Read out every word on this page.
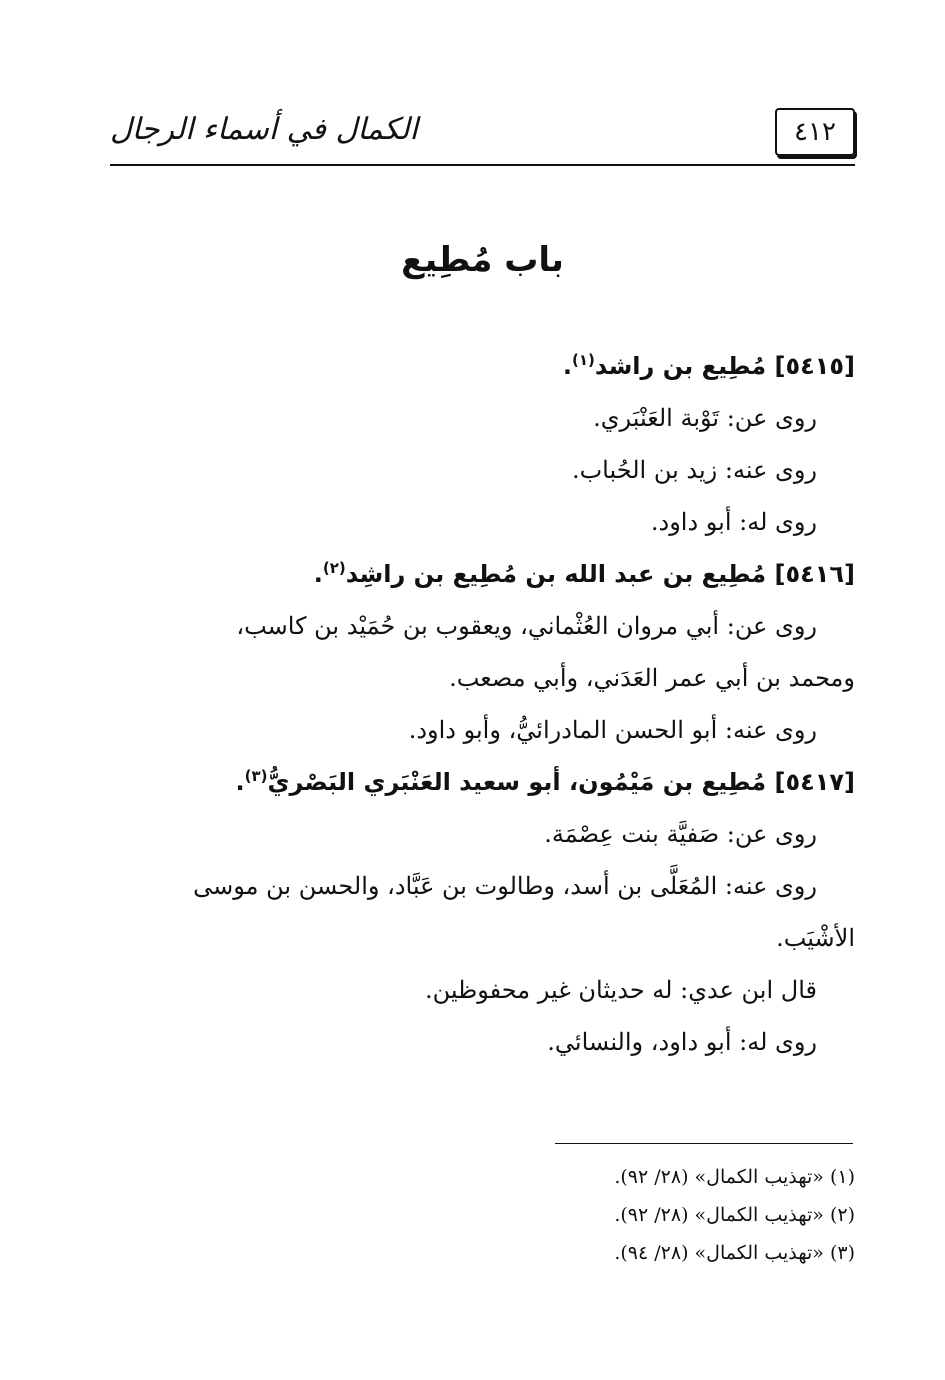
الكمال في أسماء الرجال	٤١٢
باب مُطِيع
[٥٤١٥] مُطِيع بن راشد$^{(١)}$.
روى عن: تَوْبة العَنْبَري.
روى عنه: زيد بن الحُباب.
روى له: أبو داود.
[٥٤١٦] مُطِيع بن عبد الله بن مُطِيع بن راشِد$^{(٢)}$.
روى عن: أبي مروان العُثْماني، ويعقوب بن حُمَيْد بن كاسب،
ومحمد بن أبي عمر العَدَني، وأبي مصعب.
روى عنه: أبو الحسن المادرائيُّ، وأبو داود.
[٥٤١٧] مُطِيع بن مَيْمُون، أبو سعيد العَنْبَري البَصْريُّ$^{(٣)}$.
روى عن: صَفيَّة بنت عِصْمَة.
روى عنه: المُعَلَّى بن أسد، وطالوت بن عَبَّاد، والحسن بن موسى
الأشْيَب.
قال ابن عدي: له حديثان غير محفوظين.
روى له: أبو داود، والنسائي.
(١) «تهذيب الكمال» (٢٨/ ٩٢).
(٢) «تهذيب الكمال» (٢٨/ ٩٢).
(٣) «تهذيب الكمال» (٢٨/ ٩٤).
